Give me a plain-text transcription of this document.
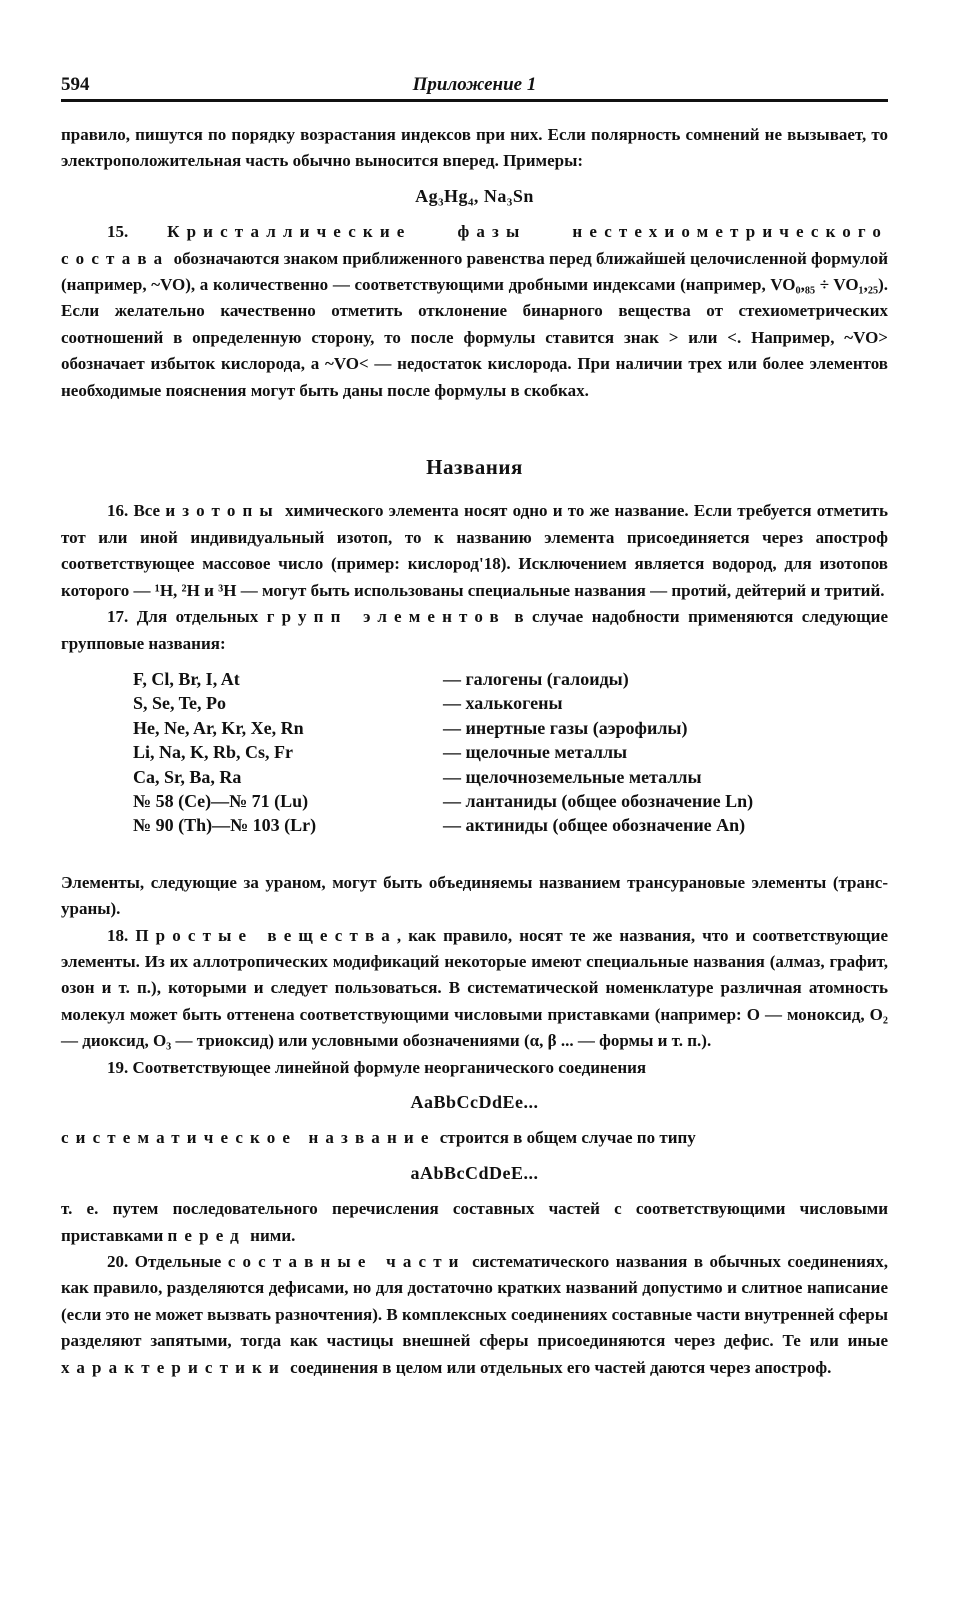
594	Приложение 1

правило, пишутся по порядку возрастания индексов при них. Если полярность сомнений не вызывает, то электроположительная часть обычно выносится вперед. Примеры:

Ag₃Hg₄, Na₃Sn

15. Кристаллические фазы нестехиометрического состава обозначаются знаком приближенного равенства перед ближайшей целочисленной формулой (например, ~VO), а количественно — соответствующими дробными индексами (например, VO₀,₈₅ ÷ VO₁,₂₅). Если желательно качественно отметить отклонение бинарного вещества от стехиометрических соотношений в определенную сторону, то после формулы ставится знак > или <. Например, ~VO> обозначает избыток кислорода, а ~VO< — недостаток кислорода. При наличии трех или более элементов необходимые пояснения могут быть даны после формулы в скобках.

Названия

16. Все изотопы химического элемента носят одно и то же название. Если требуется отметить тот или иной индивидуальный изотоп, то к названию элемента присоединяется через апостроф соответствующее массовое число (пример: кислород'18). Исключением является водород, для изотопов которого — ¹H, ²H и ³H — могут быть использованы специальные названия — протий, дейтерий и тритий.

17. Для отдельных групп элементов в случае надобности применяются следующие групповые названия:

F, Cl, Br, I, At	— галогены (галоиды)
S, Se, Te, Po	— халькогены
He, Ne, Ar, Kr, Xe, Rn	— инертные газы (аэрофилы)
Li, Na, K, Rb, Cs, Fr	— щелочные металлы
Ca, Sr, Ba, Ra	— щелочноземельные металлы
№ 58 (Ce)—№ 71 (Lu)	— лантаниды (общее обозначение Ln)
№ 90 (Th)—№ 103 (Lr)	— актиниды (общее обозначение An)

Элементы, следующие за ураном, могут быть объединяемы названием трансурановые элементы (транс-ураны).

18. Простые вещества, как правило, носят те же названия, что и соответствующие элементы. Из их аллотропических модификаций некоторые имеют специальные названия (алмаз, графит, озон и т. п.), которыми и следует пользоваться. В систематической номенклатуре различная атомность молекул может быть оттенена соответствующими числовыми приставками (например: O — моноксид, O₂ — диоксид, O₃ — триоксид) или условными обозначениями (α, β ... — формы и т. п.).

19. Соответствующее линейной формуле неорганического соединения

AaBbCcDdEe...

систематическое название строится в общем случае по типу

aAbBcCdDeE...

т. е. путем последовательного перечисления составных частей с соответствующими числовыми приставками перед ними.

20. Отдельные составные части систематического названия в обычных соединениях, как правило, разделяются дефисами, но для достаточно кратких названий допустимо и слитное написание (если это не может вызвать разночтения). В комплексных соединениях составные части внутренней сферы разделяют запятыми, тогда как частицы внешней сферы присоединяются через дефис. Те или иные характеристики соединения в целом или отдельных его частей даются через апостроф.
